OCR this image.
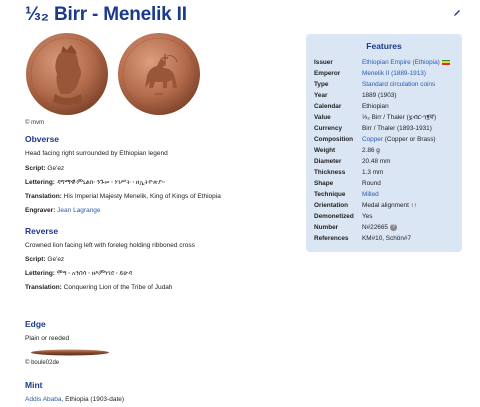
⅓₂ Birr - Menelik II
© mvm
Obverse
Head facing right surrounded by Ethiopian legend
Script: Ge'ez
Lettering: ዳግማዊ፡ምኒልክ፡ ንጉሠ ፡ ነገሥት ፡ ዘኢትዮጵያ፡፡
Translation: His Imperial Majesty Menelik, King of Kings of Ethiopia
Engraver: Jean Lagrange
Reverse
Crowned lion facing left with foreleg holding ribboned cross
Script: Ge'ez
Lettering: ሞዓ ፡ አንበሳ ፡ ዘእምነገደ ፡ ይሁዳ
Translation: Conquering Lion of the Tribe of Judah
Edge
Plain or reeded
© boule02de
Mint
Addis Ababa, Ethiopia (1903-date)
Features
Issuer	Ethiopian Empire (Ethiopia)
Emperor	Menelik II (1889-1913)
Type	Standard circulation coins
Year	1889 (1903)
Calendar	Ethiopian
Value	⅓₂ Birr / Thaler (፯ብር፡ኅ፪ኛ)
Currency	Birr / Thaler (1893-1931)
Composition Copper (Copper or Brass)
Weight	2.86 g
Diameter	20.48 mm
Thickness	1.3 mm
Shape	Round
Technique	Milled
Orientation Medal alignment ↑↑
Demonetized Yes
Number	N#22665 ?
References KM#10, Schön#7
